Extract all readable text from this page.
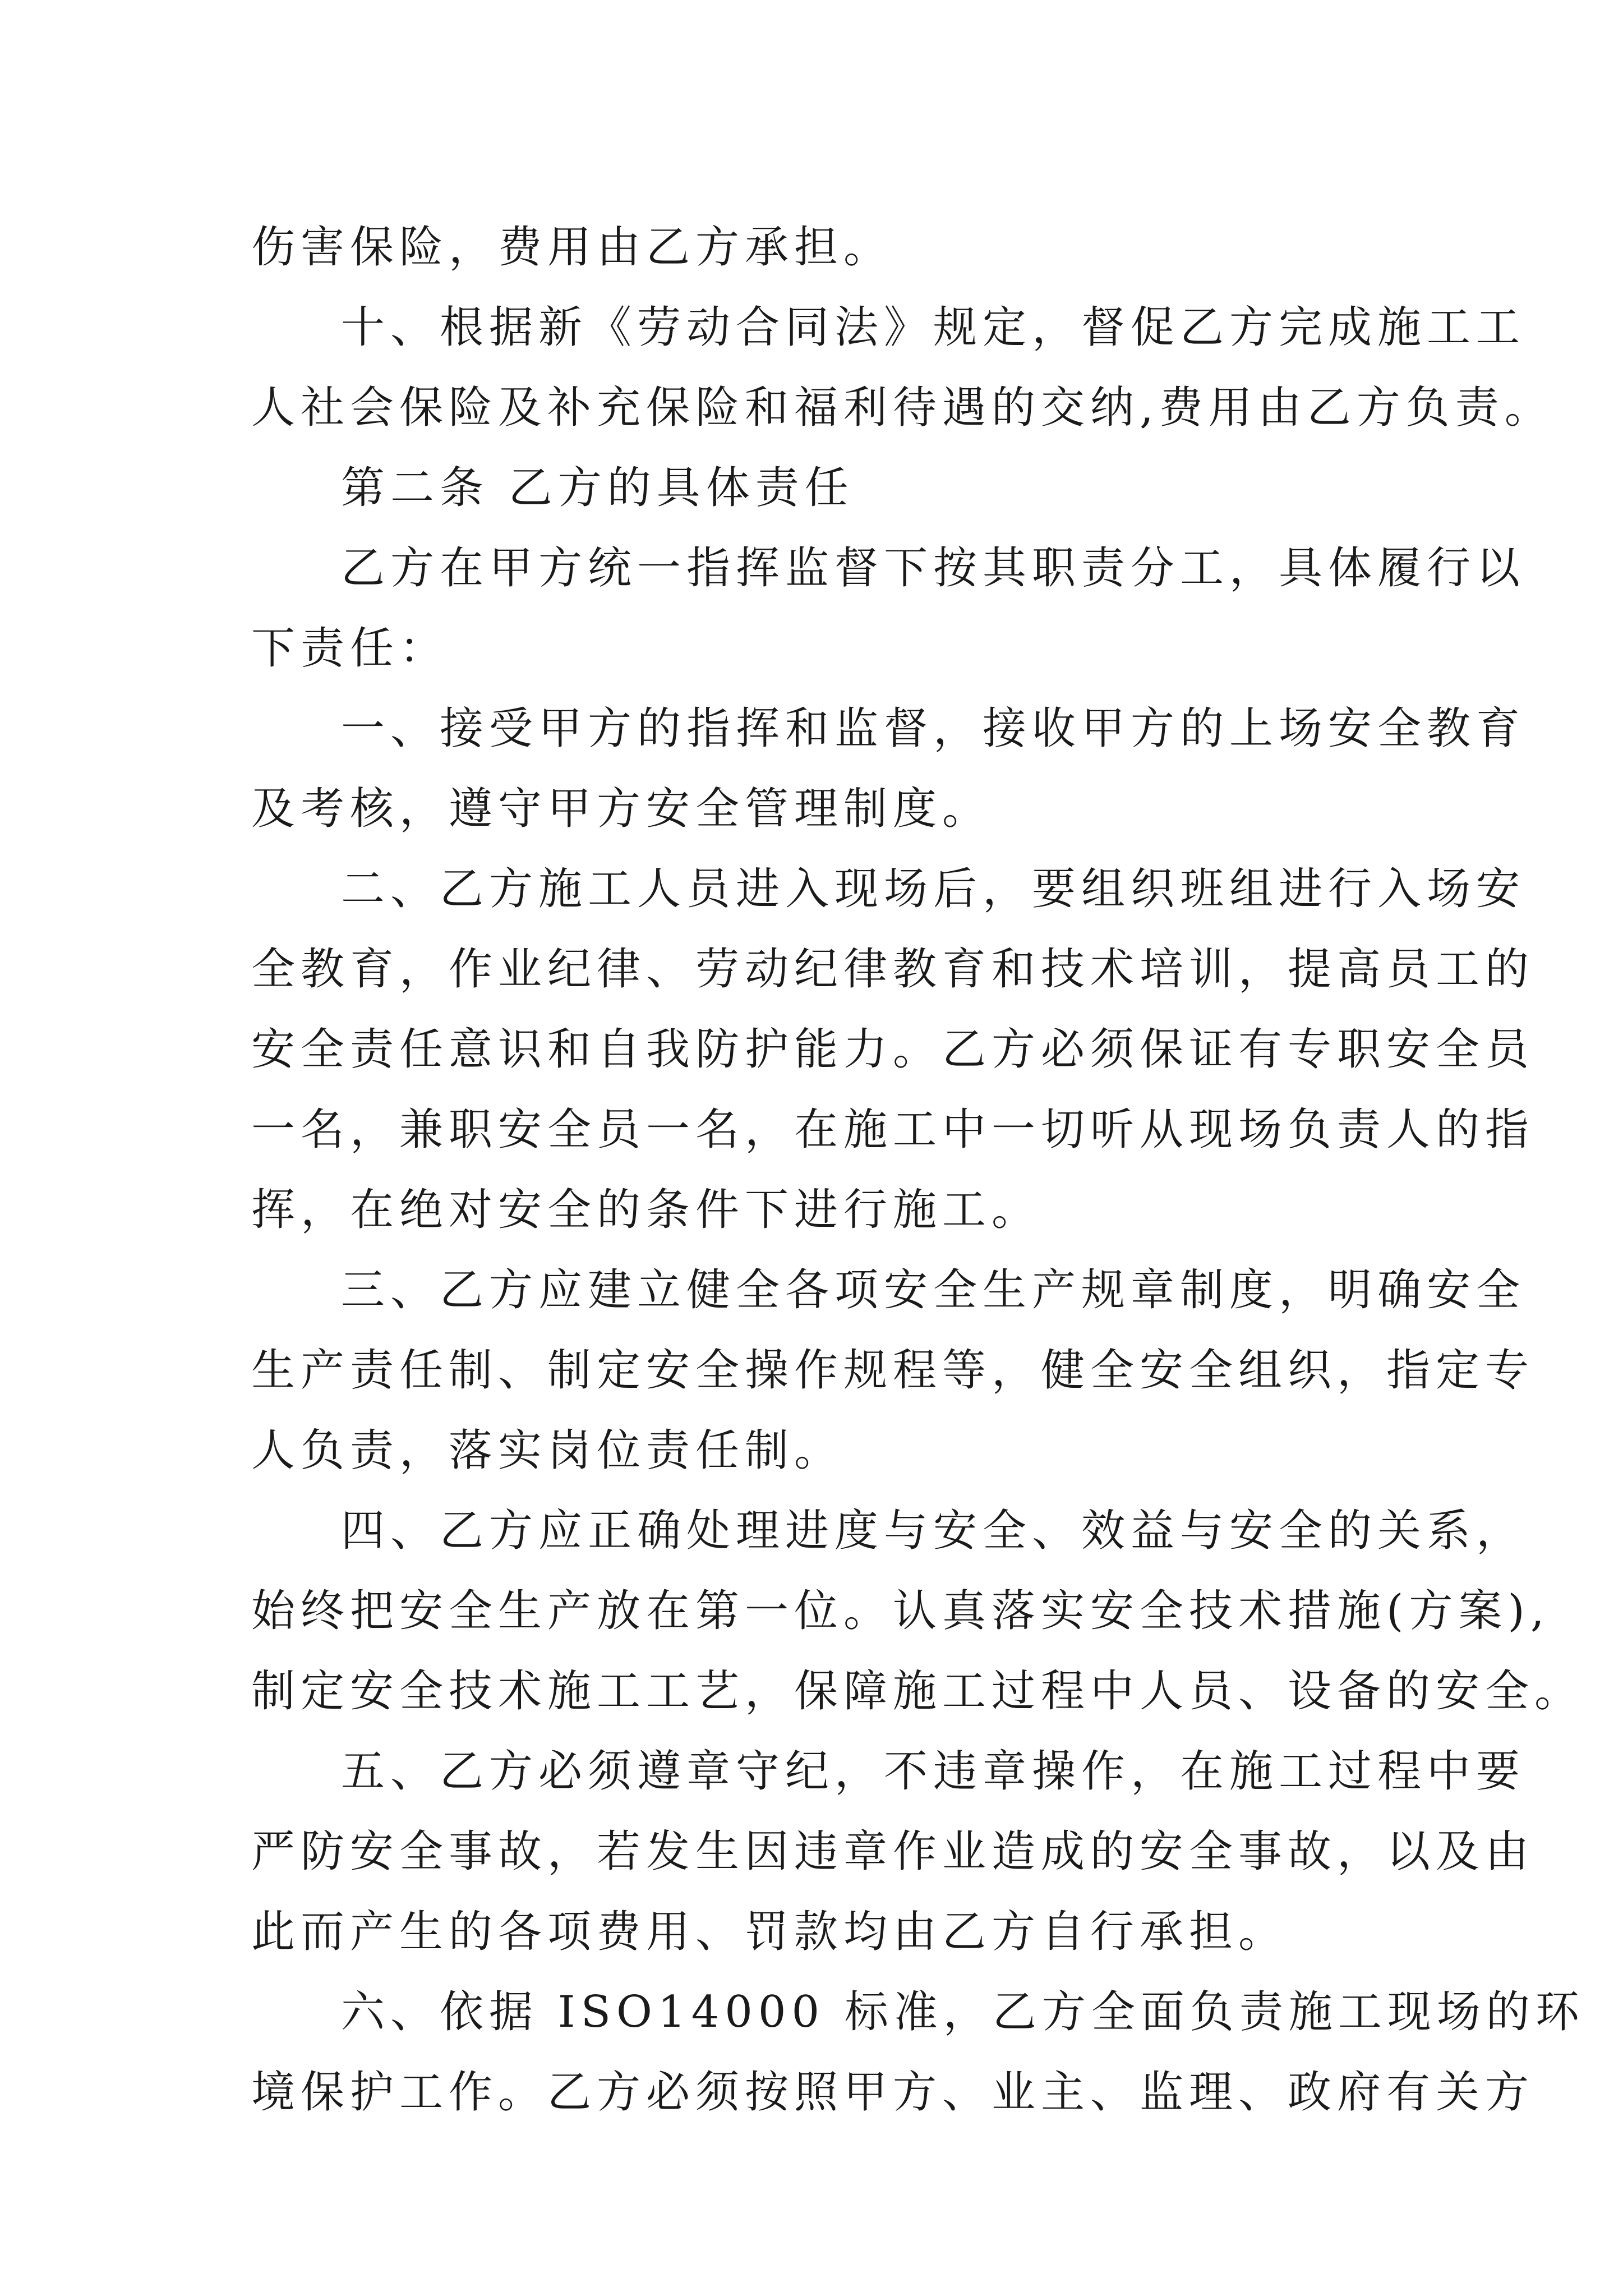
伤害保险，费用由乙方承担。
十、根据新《劳动合同法》规定，督促乙方完成施工工
人社会保险及补充保险和福利待遇的交纳,费用由乙方负责。
第二条 乙方的具体责任
乙方在甲方统一指挥监督下按其职责分工，具体履行以
下责任：
一、接受甲方的指挥和监督，接收甲方的上场安全教育
及考核，遵守甲方安全管理制度。
二、乙方施工人员进入现场后，要组织班组进行入场安
全教育，作业纪律、劳动纪律教育和技术培训，提高员工的
安全责任意识和自我防护能力。乙方必须保证有专职安全员
一名，兼职安全员一名，在施工中一切听从现场负责人的指
挥，在绝对安全的条件下进行施工。
三、乙方应建立健全各项安全生产规章制度，明确安全
生产责任制、制定安全操作规程等，健全安全组织，指定专
人负责，落实岗位责任制。
四、乙方应正确处理进度与安全、效益与安全的关系，
始终把安全生产放在第一位。认真落实安全技术措施(方案),
制定安全技术施工工艺，保障施工过程中人员、设备的安全。
五、乙方必须遵章守纪，不违章操作，在施工过程中要
严防安全事故，若发生因违章作业造成的安全事故，以及由
此而产生的各项费用、罚款均由乙方自行承担。
六、依据 ISO14000 标准，乙方全面负责施工现场的环
境保护工作。乙方必须按照甲方、业主、监理、政府有关方
